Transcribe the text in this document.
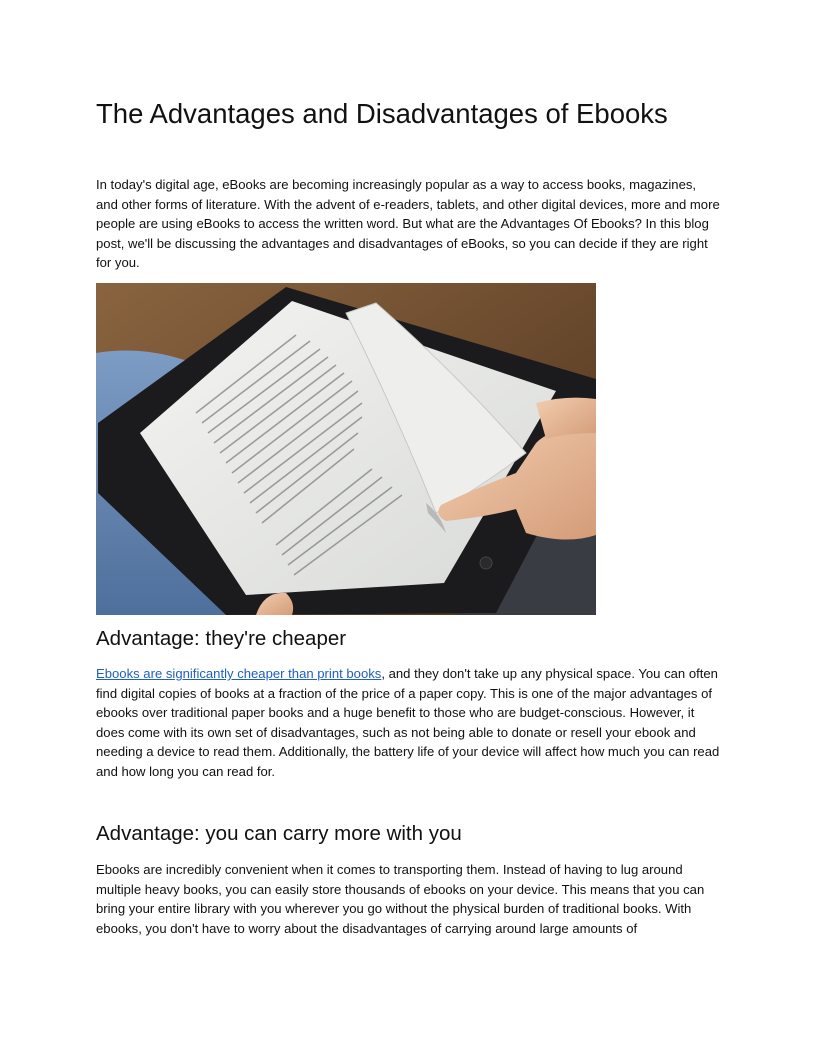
The Advantages and Disadvantages of Ebooks

In today's digital age, eBooks are becoming increasingly popular as a way to access books, magazines, and other forms of literature. With the advent of e-readers, tablets, and other digital devices, more and more people are using eBooks to access the written word. But what are the Advantages Of Ebooks? In this blog post, we'll be discussing the advantages and disadvantages of eBooks, so you can decide if they are right for you.

Advantage: they're cheaper

Ebooks are significantly cheaper than print books, and they don't take up any physical space. You can often find digital copies of books at a fraction of the price of a paper copy. This is one of the major advantages of ebooks over traditional paper books and a huge benefit to those who are budget-conscious. However, it does come with its own set of disadvantages, such as not being able to donate or resell your ebook and needing a device to read them. Additionally, the battery life of your device will affect how much you can read and how long you can read for.

Advantage: you can carry more with you

Ebooks are incredibly convenient when it comes to transporting them. Instead of having to lug around multiple heavy books, you can easily store thousands of ebooks on your device. This means that you can bring your entire library with you wherever you go without the physical burden of traditional books. With ebooks, you don't have to worry about the disadvantages of carrying around large amounts of
